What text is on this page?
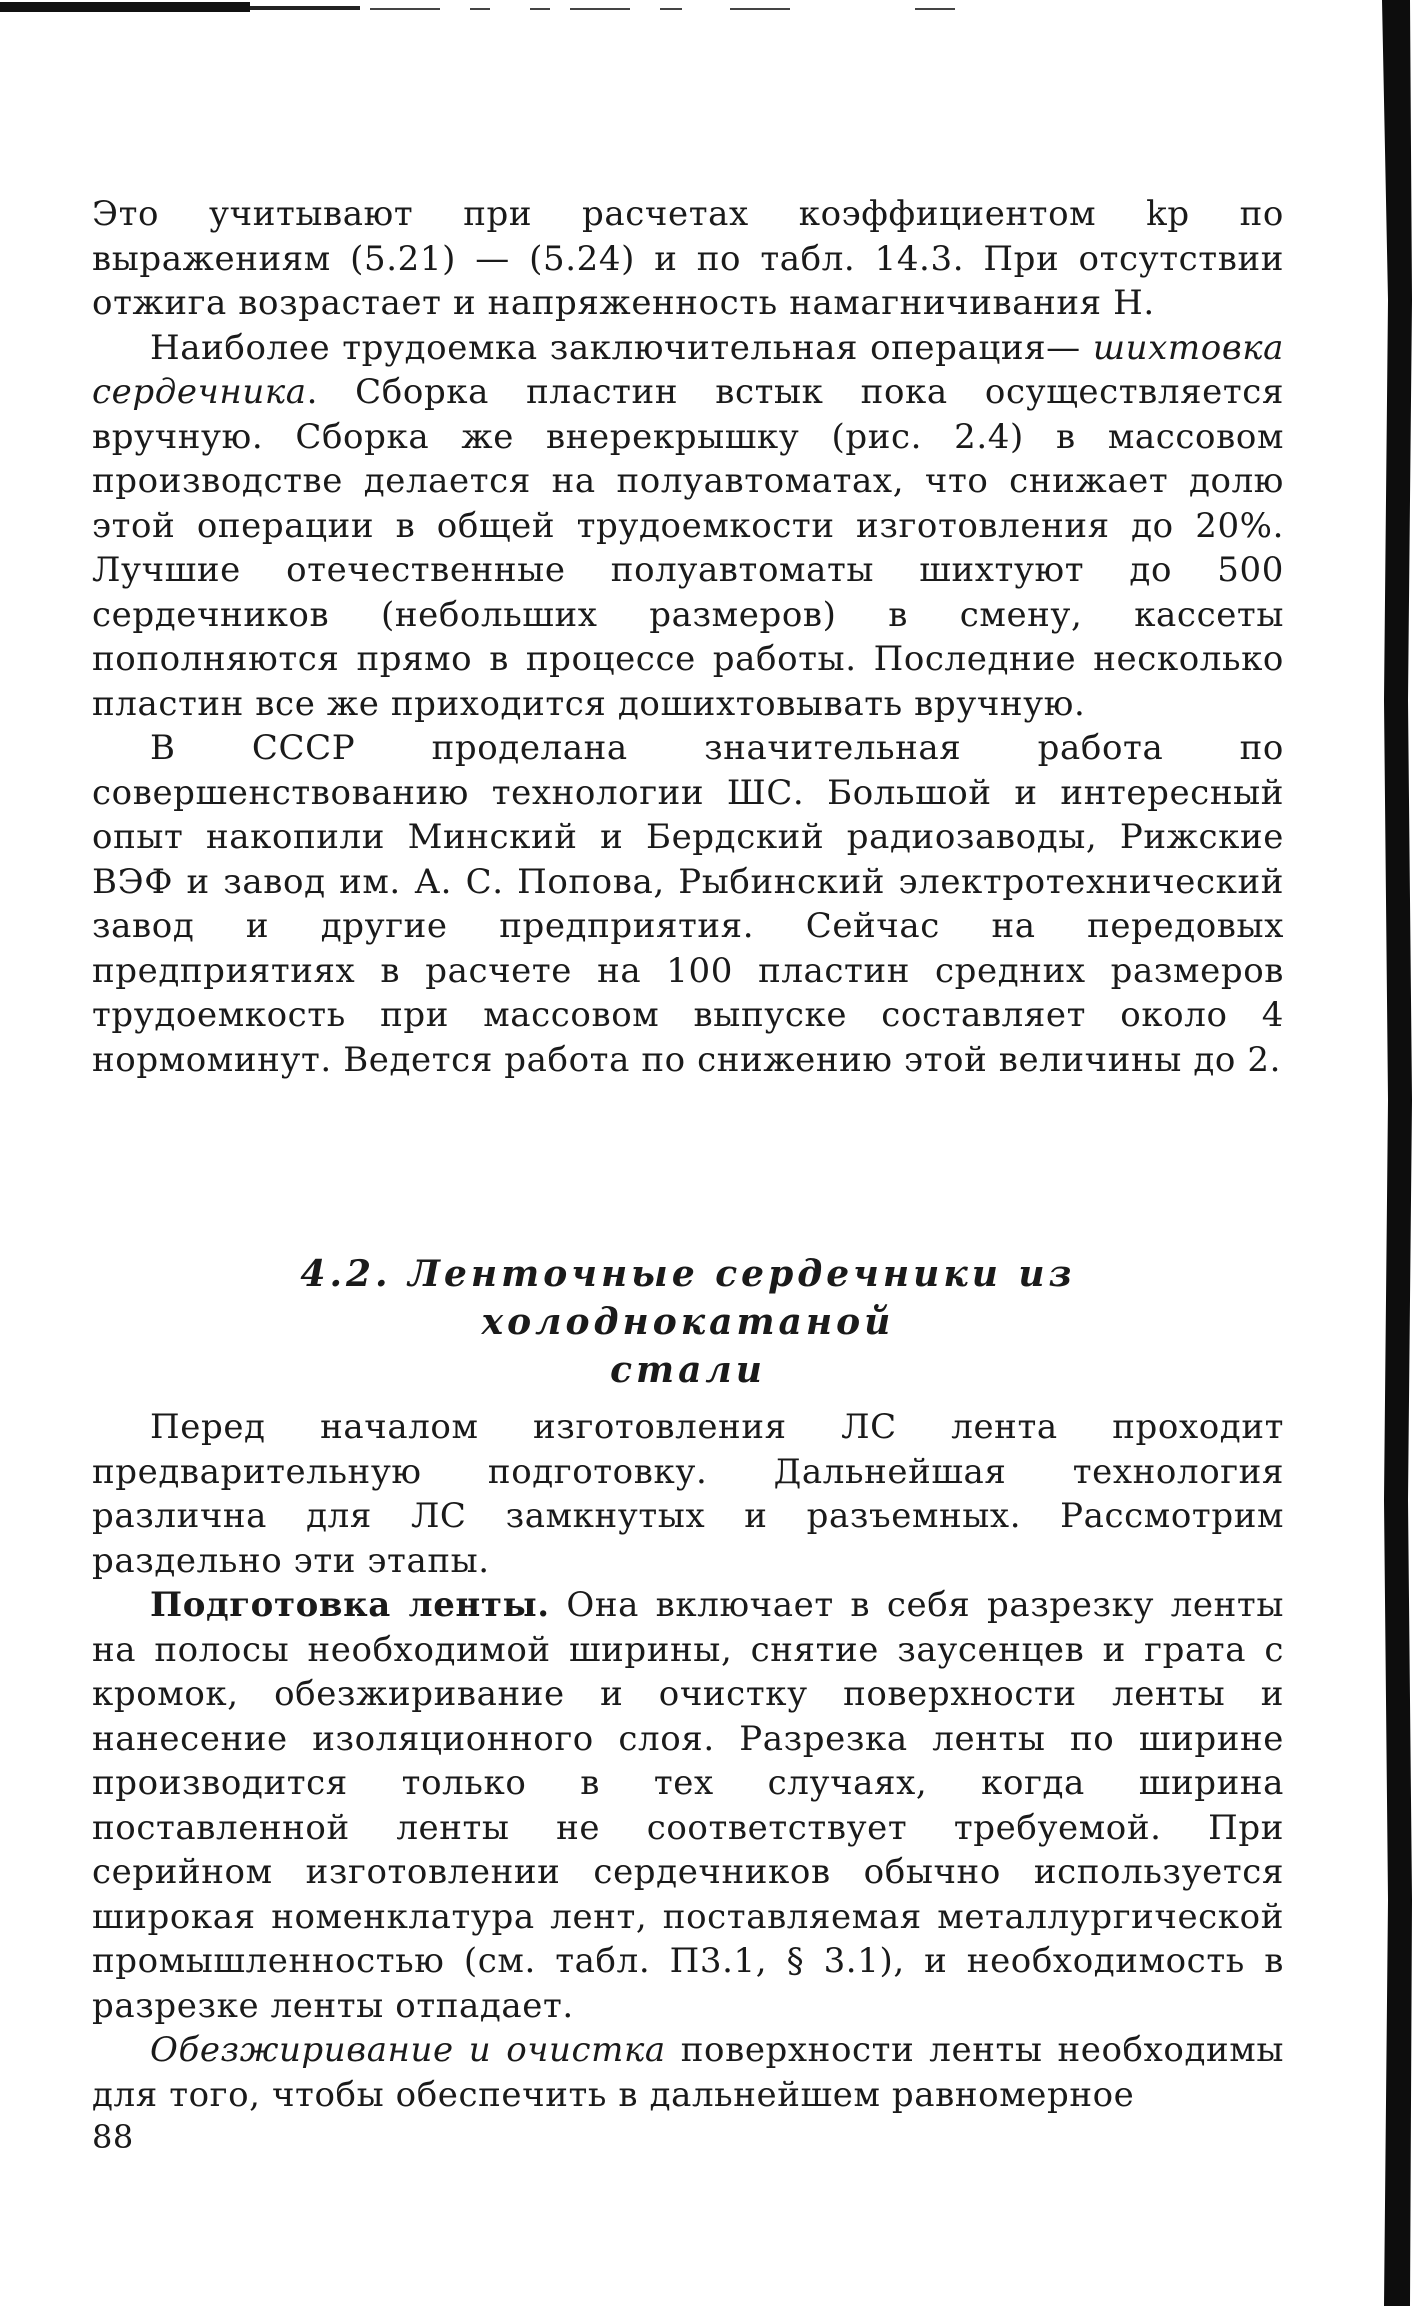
Это учитывают при расчетах коэффициентом kр по выражениям (5.21) — (5.24) и по табл. 14.3. При отсутствии отжига возрастает и напряженность намагничивания H.

Наиболее трудоемка заключительная операция— шихтовка сердечника. Сборка пластин встык пока осуществляется вручную. Сборка же внерекрышку (рис. 2.4) в массовом производстве делается на полуавтоматах, что снижает долю этой операции в общей трудоемкости изготовления до 20%. Лучшие отечественные полуавтоматы шихтуют до 500 сердечников (небольших размеров) в смену, кассеты пополняются прямо в процессе работы. Последние несколько пластин все же приходится дошихтовывать вручную.

В СССР проделана значительная работа по совершенствованию технологии ШС. Большой и интересный опыт накопили Минский и Бердский радиозаводы, Рижские ВЭФ и завод им. А. С. Попова, Рыбинский электротехнический завод и другие предприятия. Сейчас на передовых предприятиях в расчете на 100 пластин средних размеров трудоемкость при массовом выпуске составляет около 4 нормоминут. Ведется работа по снижению этой величины до 2.

4.2. Ленточные сердечники из холоднокатаной
стали

Перед началом изготовления ЛС лента проходит предварительную подготовку. Дальнейшая технология различна для ЛС замкнутых и разъемных. Рассмотрим раздельно эти этапы.

Подготовка ленты. Она включает в себя разрезку ленты на полосы необходимой ширины, снятие заусенцев и грата с кромок, обезжиривание и очистку поверхности ленты и нанесение изоляционного слоя. Разрезка ленты по ширине производится только в тех случаях, когда ширина поставленной ленты не соответствует требуемой. При серийном изготовлении сердечников обычно используется широкая номенклатура лент, поставляемая металлургической промышленностью (см. табл. П3.1, § 3.1), и необходимость в разрезке ленты отпадает.

Обезжиривание и очистка поверхности ленты необходимы для того, чтобы обеспечить в дальнейшем равномерное

88
